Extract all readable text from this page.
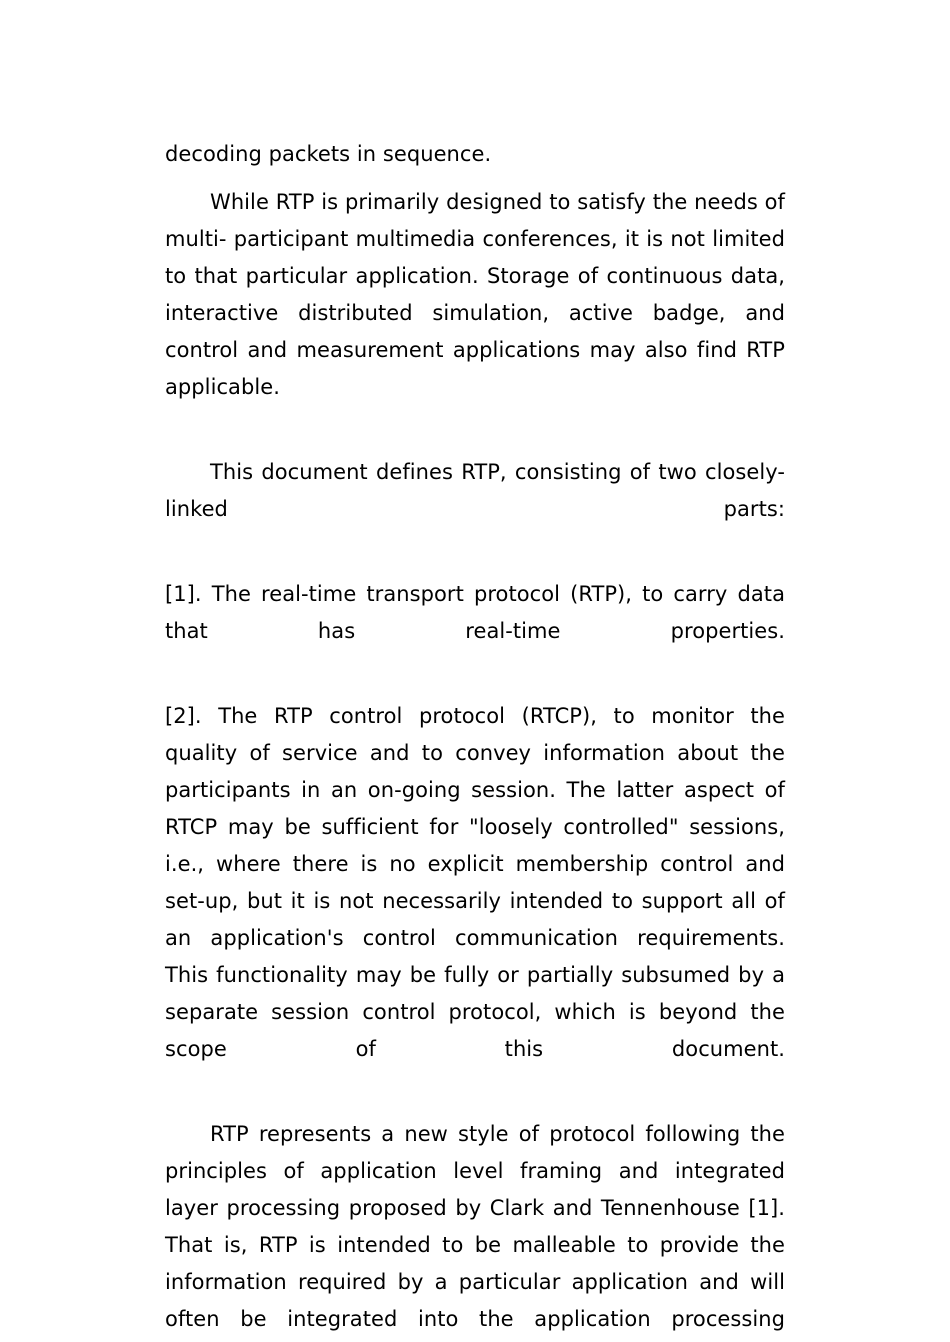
decoding packets in sequence.

While RTP is primarily designed to satisfy the needs of multi- participant multimedia conferences, it is not limited to that particular application. Storage of continuous data, interactive distributed simulation, active badge, and control and measurement applications may also find RTP applicable.

This document defines RTP, consisting of two closely-linked parts:

[1]. The real-time transport protocol (RTP), to carry data that has real-time properties.

[2]. The RTP control protocol (RTCP), to monitor the quality of service and to convey information about the participants in an on-going session. The latter aspect of RTCP may be sufficient for "loosely controlled" sessions, i.e., where there is no explicit membership control and set-up, but it is not necessarily intended to support all of an application's control communication requirements. This functionality may be fully or partially subsumed by a separate session control protocol, which is beyond the scope of this document.

RTP represents a new style of protocol following the principles of application level framing and integrated layer processing proposed by Clark and Tennenhouse [1]. That is, RTP is intended to be malleable to provide the information required by a particular application and will often be integrated into the application processing
